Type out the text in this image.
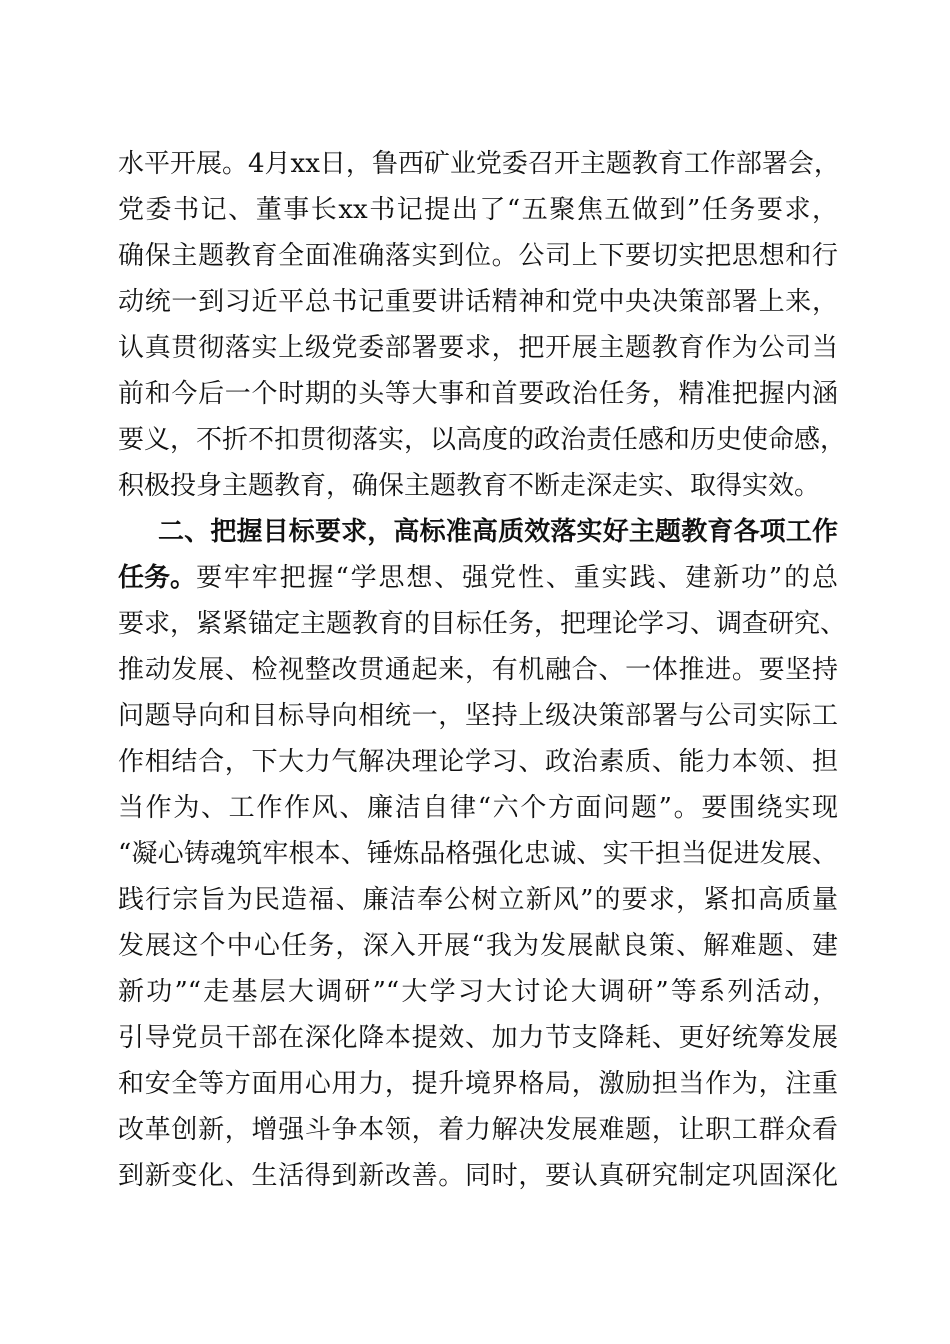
水平开展。4月xx日，鲁西矿业党委召开主题教育工作部署会，
党委书记、董事长xx书记提出了“五聚焦五做到”任务要求，
确保主题教育全面准确落实到位。公司上下要切实把思想和行
动统一到习近平总书记重要讲话精神和党中央决策部署上来，
认真贯彻落实上级党委部署要求，把开展主题教育作为公司当
前和今后一个时期的头等大事和首要政治任务，精准把握内涵
要义，不折不扣贯彻落实，以高度的政治责任感和历史使命感，
积极投身主题教育，确保主题教育不断走深走实、取得实效。
二、把握目标要求，高标准高质效落实好主题教育各项工作
任务。 要牢牢把握“学思想、强党性、重实践、建新功”的总
要求，紧紧锚定主题教育的目标任务，把理论学习、调查研究、
推动发展、检视整改贯通起来，有机融合、一体推进。要坚持
问题导向和目标导向相统一，坚持上级决策部署与公司实际工
作相结合，下大力气解决理论学习、政治素质、能力本领、担
当作为、工作作风、廉洁自律“六个方面问题”。要围绕实现
“凝心铸魂筑牢根本、锤炼品格强化忠诚、实干担当促进发展、
践行宗旨为民造福、廉洁奉公树立新风”的要求，紧扣高质量
发展这个中心任务，深入开展“我为发展献良策、解难题、建
新功”“走基层大调研”“大学习大讨论大调研”等系列活动，
引导党员干部在深化降本提效、加力节支降耗、更好统筹发展
和安全等方面用心用力，提升境界格局，激励担当作为，注重
改革创新，增强斗争本领，着力解决发展难题，让职工群众看
到新变化、生活得到新改善。同时，要认真研究制定巩固深化
